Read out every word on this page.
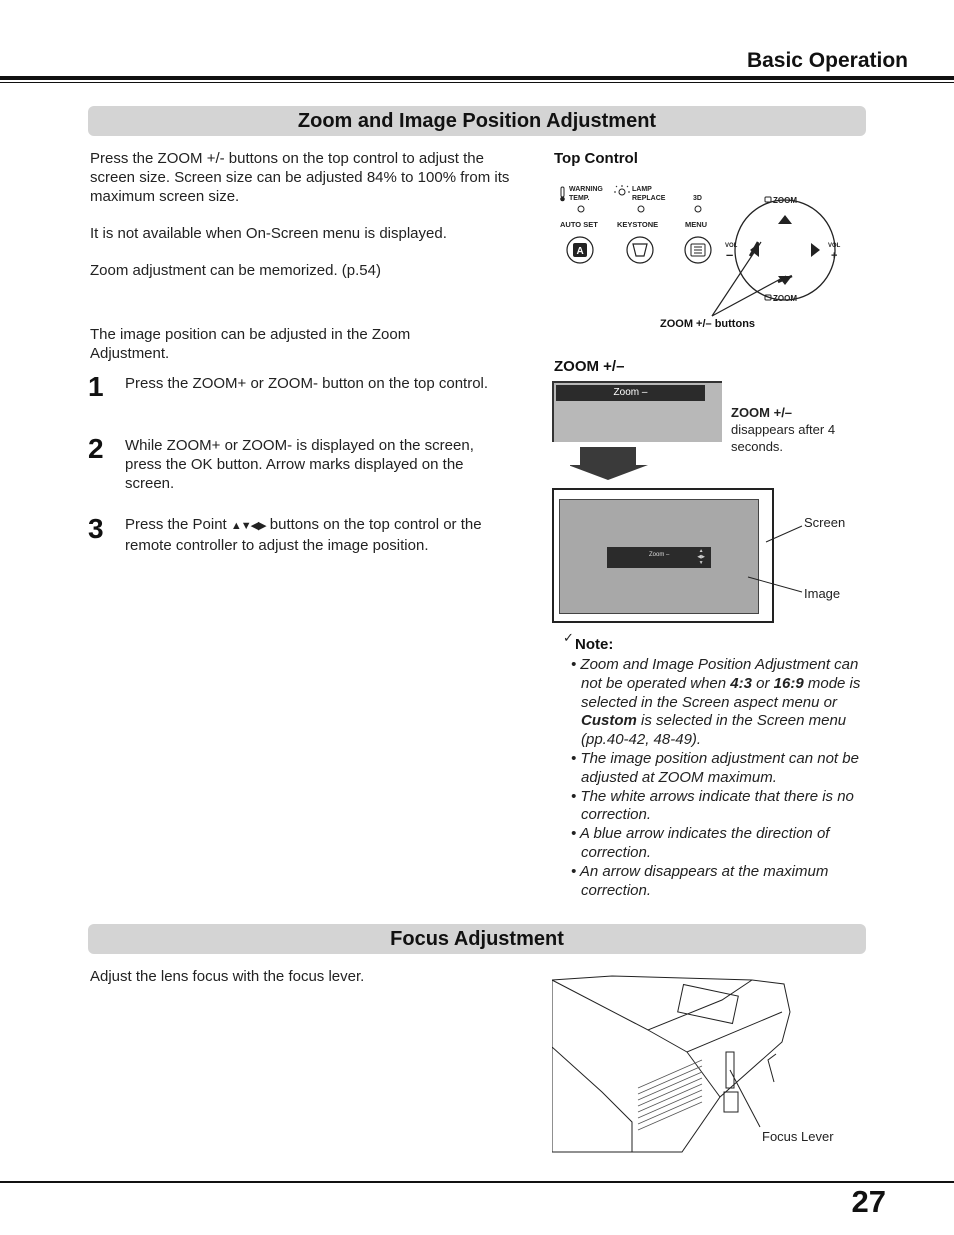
Basic Operation
Zoom and Image Position Adjustment
Press the ZOOM +/- buttons on the top control to adjust the screen size. Screen size can be adjusted 84% to 100% from its maximum screen size.
It is not available when On-Screen menu is displayed.
Zoom adjustment can be memorized. (p.54)
The image position can be adjusted in the Zoom Adjustment.
1 Press the ZOOM+ or ZOOM- button on the top control.
2 While ZOOM+ or ZOOM- is displayed on the screen, press the OK button. Arrow marks displayed on the screen.
3 Press the Point ▲▼◀▶ buttons on the top control or the remote controller to adjust the image position.
Top Control
WARNING
TEMP.
LAMP
REPLACE	3D
AUTO SET	KEYSTONE	MENU
A
ZOOM
ZOOM
VOL
–
VOL
+
ZOOM +/– buttons
ZOOM +/–
Zoom –
ZOOM +/–
disappears after 4 seconds.
Zoom –
▲
◀▶
▼
Screen
Image
✓ Note:
• Zoom and Image Position Adjustment can not be operated when 4:3 or 16:9 mode is selected in the Screen aspect menu or Custom is selected in the Screen menu (pp.40-42, 48-49).
• The image position adjustment can not be adjusted at ZOOM maximum.
• The white arrows indicate that there is no correction.
• A blue arrow indicates the direction of correction.
• An arrow disappears at the maximum correction.
Focus Adjustment
Adjust the lens focus with the focus lever.
Focus Lever
27
